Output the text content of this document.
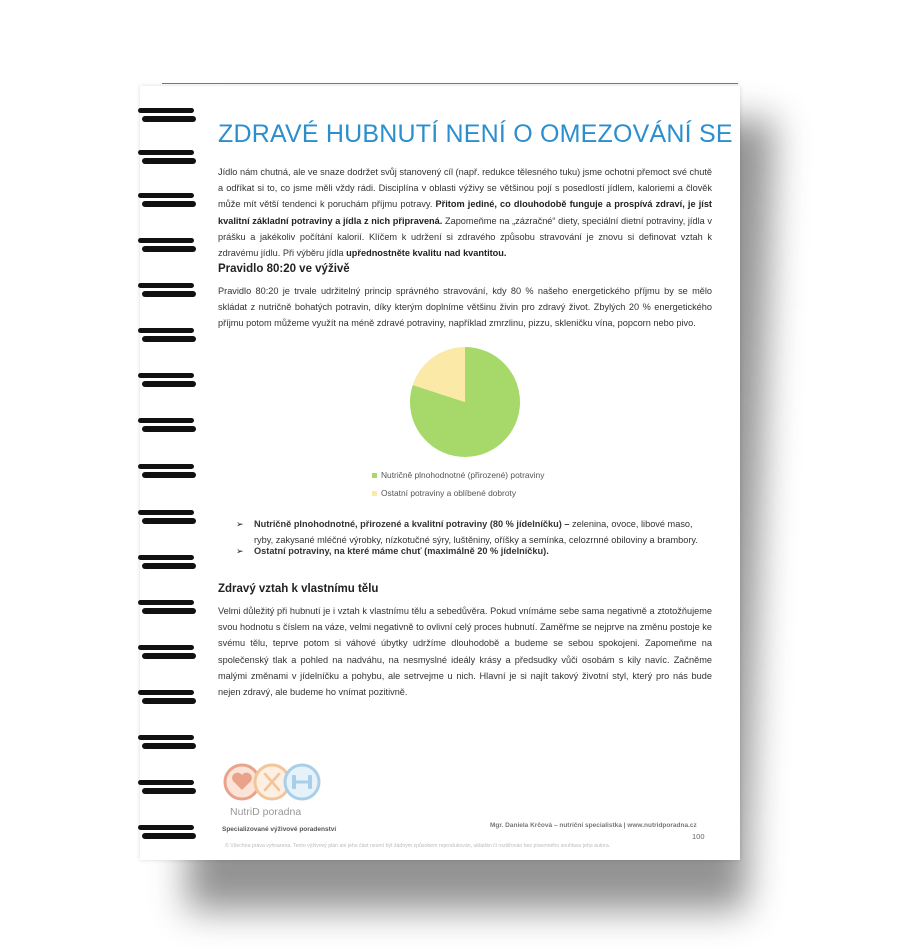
ZDRAVÉ HUBNUTÍ NENÍ O OMEZOVÁNÍ SE

Jídlo nám chutná, ale ve snaze dodržet svůj stanovený cíl (např. redukce tělesného tuku) jsme ochotni přemoct své chutě a odříkat si to, co jsme měli vždy rádi. Disciplína v oblasti výživy se většinou pojí s posedlostí jídlem, kaloriemi a člověk může mít větší tendenci k poruchám příjmu potravy. Přitom jediné, co dlouhodobě funguje a prospívá zdraví, je jíst kvalitní základní potraviny a jídla z nich připravená. Zapomeňme na „zázračné“ diety, speciální dietní potraviny, jídla v prášku a jakékoliv počítání kalorií. Klíčem k udržení si zdravého způsobu stravování je znovu si definovat vztah k zdravému jídlu. Při výběru jídla upřednostněte kvalitu nad kvantitou.

Pravidlo 80:20 ve výživě

Pravidlo 80:20 je trvale udržitelný princip správného stravování, kdy 80 % našeho energetického příjmu by se mělo skládat z nutričně bohatých potravin, díky kterým doplníme většinu živin pro zdravý život. Zbylých 20 % energetického příjmu potom můžeme využít na méně zdravé potraviny, například zmrzlinu, pizzu, skleničku vína, popcorn nebo pivo.

Nutričně plnohodnotné (přirozené) potraviny
Ostatní potraviny a oblíbené dobroty

➢	Nutričně plnohodnotné, přirozené a kvalitní potraviny (80 % jídelníčku) – zelenina, ovoce, libové maso, ryby, zakysané mléčné výrobky, nízkotučné sýry, luštěniny, oříšky a semínka, celozrnné obiloviny a brambory.

➢	Ostatní potraviny, na které máme chuť (maximálně 20 % jídelníčku).

Zdravý vztah k vlastnímu tělu

Velmi důležitý při hubnutí je i vztah k vlastnímu tělu a sebedůvěra. Pokud vnímáme sebe sama negativně a ztotožňujeme svou hodnotu s číslem na váze, velmi negativně to ovlivní celý proces hubnutí. Zaměřme se nejprve na změnu postoje ke svému tělu, teprve potom si váhové úbytky udržíme dlouhodobě a budeme se sebou spokojeni. Zapomeňme na společenský tlak a pohled na nadváhu, na nesmyslné ideály krásy a předsudky vůči osobám s kily navíc. Začněme malými změnami v jídelníčku a pohybu, ale setrvejme u nich. Hlavní je si najít takový životní styl, který pro nás bude nejen zdravý, ale budeme ho vnímat pozitivně.

NutriD poradna
Specializované výživové poradenství
Mgr. Daniela Krčová – nutriční specialistka | www.nutridporadna.cz
100
© Všechna práva vyhrazena. Tento výživový plán ani jeho část nesmí být žádným způsobem reprodukován, ukládán či rozšiřován bez písemného souhlasu jeho autora.
